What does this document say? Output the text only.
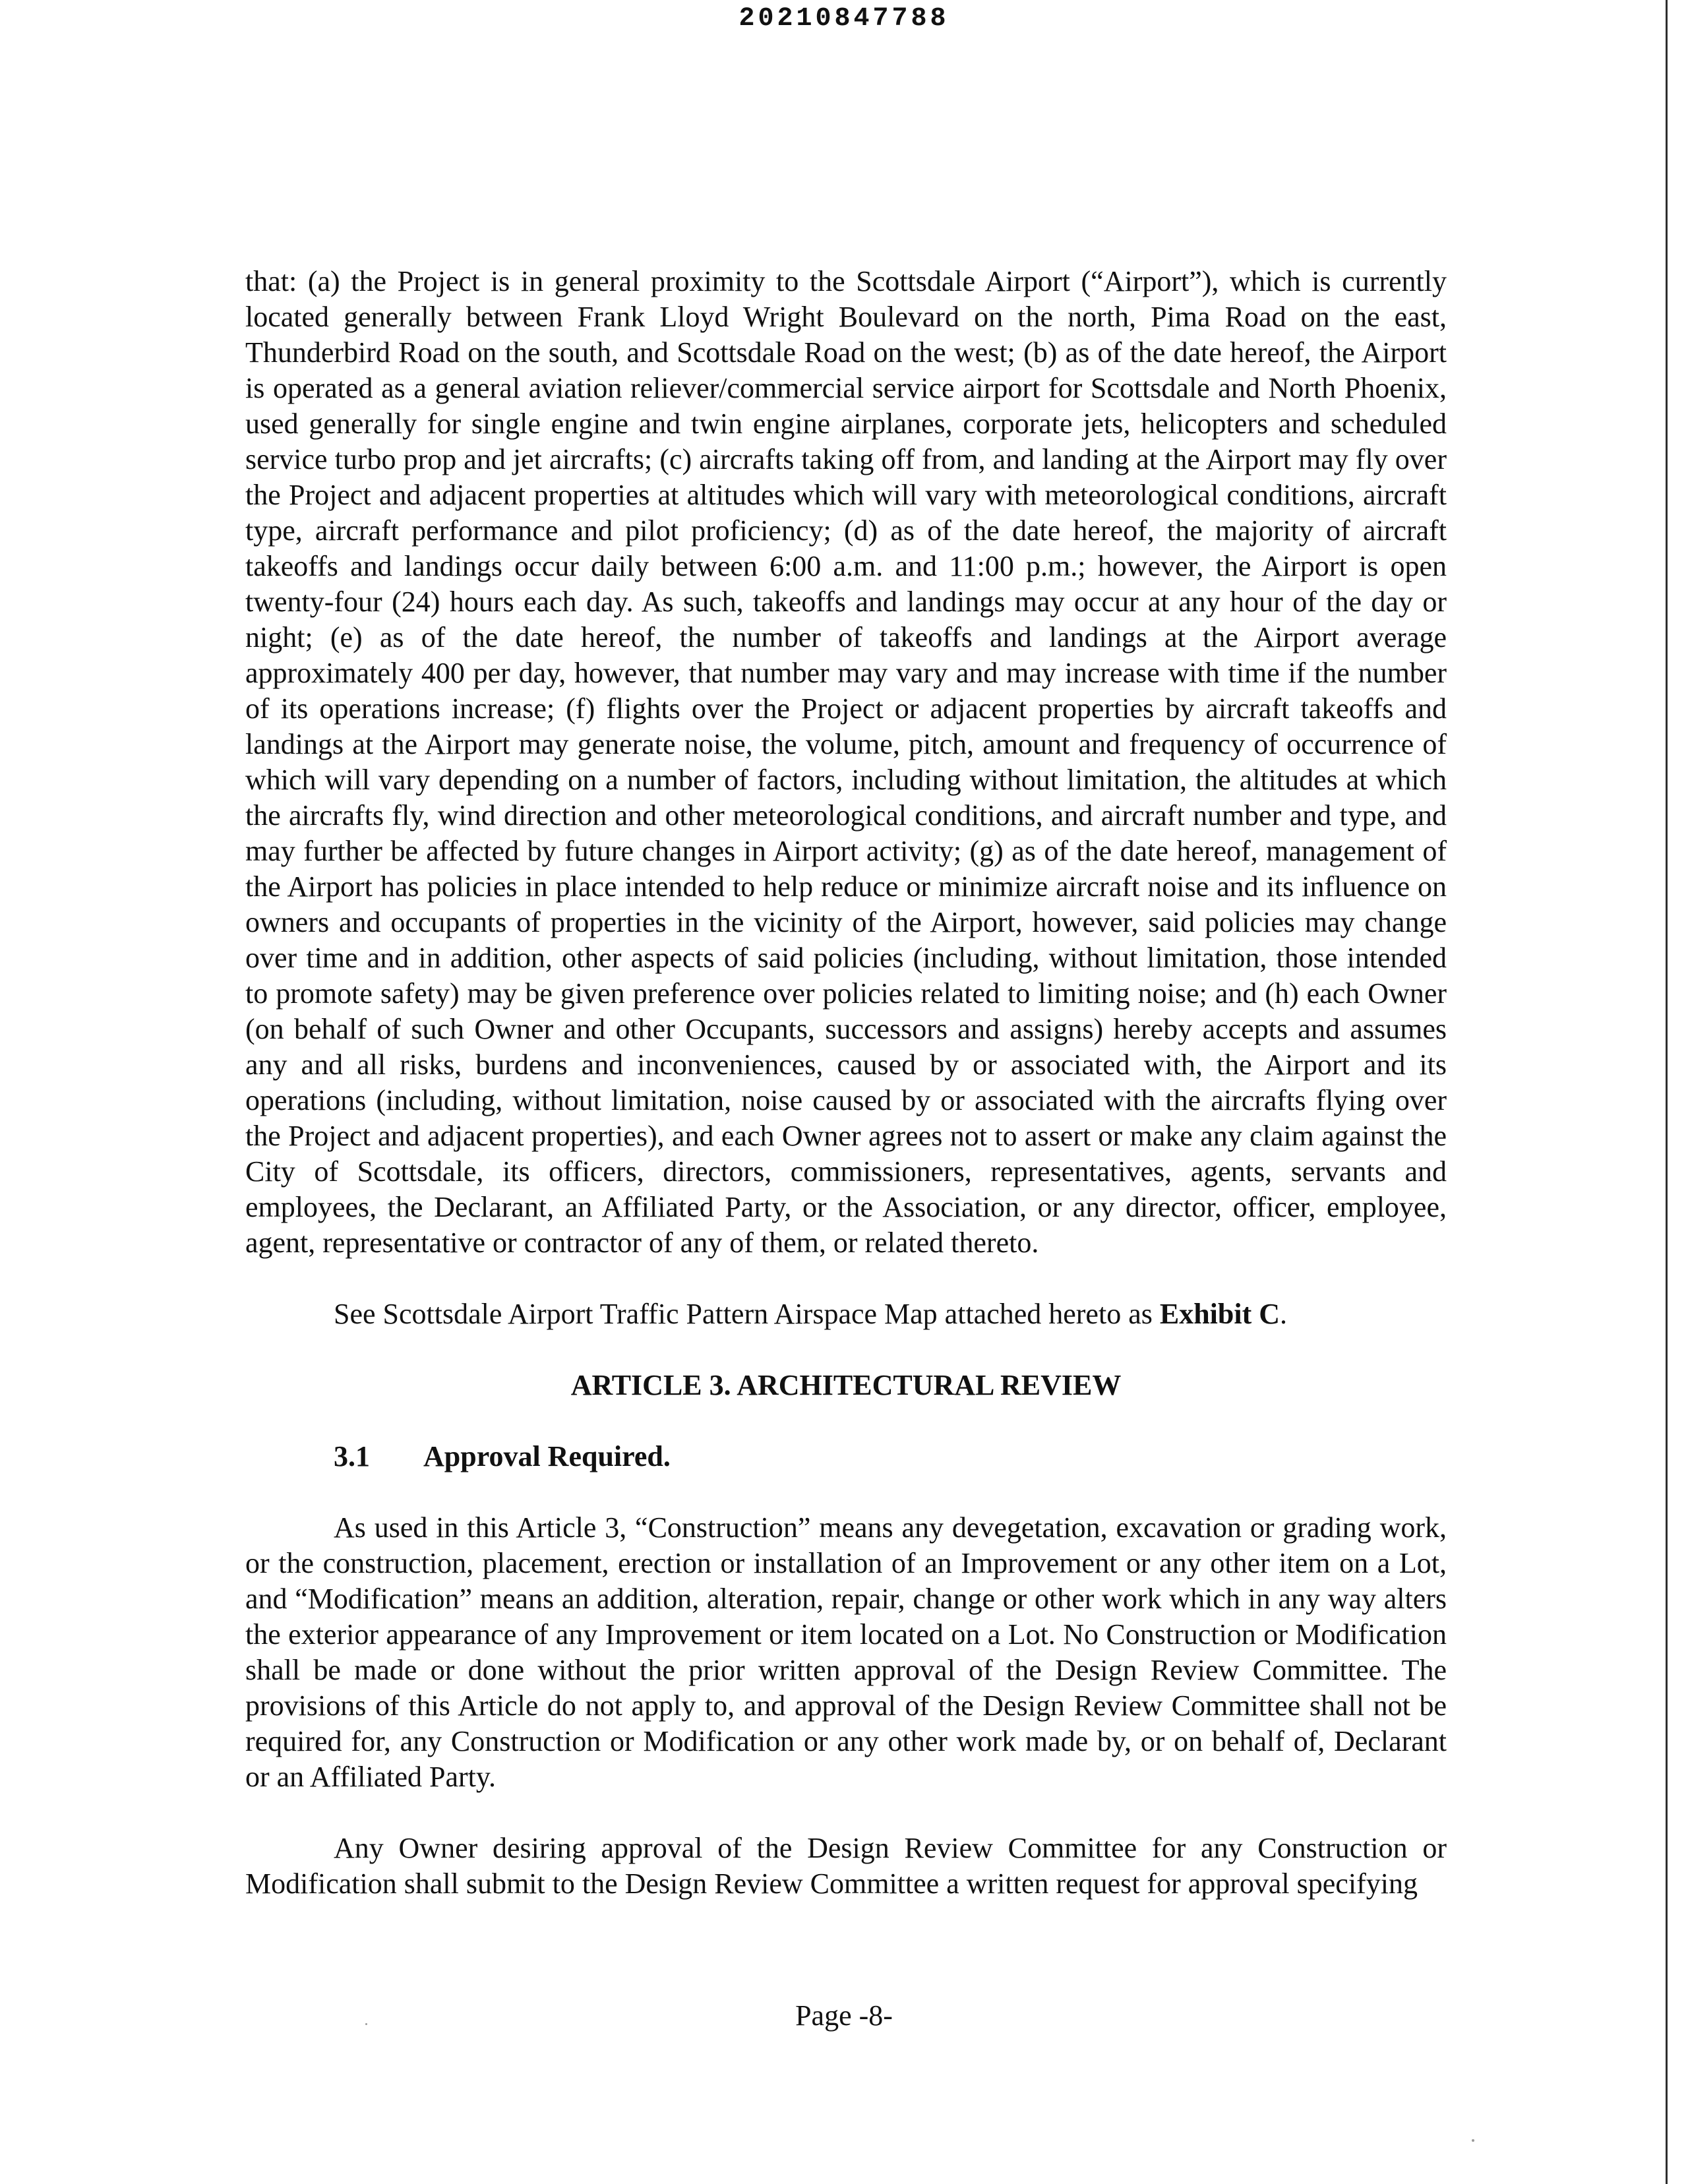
20210847788

that: (a) the Project is in general proximity to the Scottsdale Airport (“Airport”), which is currently located generally between Frank Lloyd Wright Boulevard on the north, Pima Road on the east, Thunderbird Road on the south, and Scottsdale Road on the west; (b) as of the date hereof, the Airport is operated as a general aviation reliever/commercial service airport for Scottsdale and North Phoenix, used generally for single engine and twin engine airplanes, corporate jets, helicopters and scheduled service turbo prop and jet aircrafts; (c) aircrafts taking off from, and landing at the Airport may fly over the Project and adjacent properties at altitudes which will vary with meteorological conditions, aircraft type, aircraft performance and pilot proficiency; (d) as of the date hereof, the majority of aircraft takeoffs and landings occur daily between 6:00 a.m. and 11:00 p.m.; however, the Airport is open twenty-four (24) hours each day. As such, takeoffs and landings may occur at any hour of the day or night; (e) as of the date hereof, the number of takeoffs and landings at the Airport average approximately 400 per day, however, that number may vary and may increase with time if the number of its operations increase; (f) flights over the Project or adjacent properties by aircraft takeoffs and landings at the Airport may generate noise, the volume, pitch, amount and frequency of occurrence of which will vary depending on a number of factors, including without limitation, the altitudes at which the aircrafts fly, wind direction and other meteorological conditions, and aircraft number and type, and may further be affected by future changes in Airport activity; (g) as of the date hereof, management of the Airport has policies in place intended to help reduce or minimize aircraft noise and its influence on owners and occupants of properties in the vicinity of the Airport, however, said policies may change over time and in addition, other aspects of said policies (including, without limitation, those intended to promote safety) may be given preference over policies related to limiting noise; and (h) each Owner (on behalf of such Owner and other Occupants, successors and assigns) hereby accepts and assumes any and all risks, burdens and inconveniences, caused by or associated with, the Airport and its operations (including, without limitation, noise caused by or associated with the aircrafts flying over the Project and adjacent properties), and each Owner agrees not to assert or make any claim against the City of Scottsdale, its officers, directors, commissioners, representatives, agents, servants and employees, the Declarant, an Affiliated Party, or the Association, or any director, officer, employee, agent, representative or contractor of any of them, or related thereto.

See Scottsdale Airport Traffic Pattern Airspace Map attached hereto as Exhibit C.

ARTICLE 3. ARCHITECTURAL REVIEW

3.1 Approval Required.

As used in this Article 3, “Construction” means any devegetation, excavation or grading work, or the construction, placement, erection or installation of an Improvement or any other item on a Lot, and “Modification” means an addition, alteration, repair, change or other work which in any way alters the exterior appearance of any Improvement or item located on a Lot. No Construction or Modification shall be made or done without the prior written approval of the Design Review Committee. The provisions of this Article do not apply to, and approval of the Design Review Committee shall not be required for, any Construction or Modification or any other work made by, or on behalf of, Declarant or an Affiliated Party.

Any Owner desiring approval of the Design Review Committee for any Construction or Modification shall submit to the Design Review Committee a written request for approval specifying

Page -8-
